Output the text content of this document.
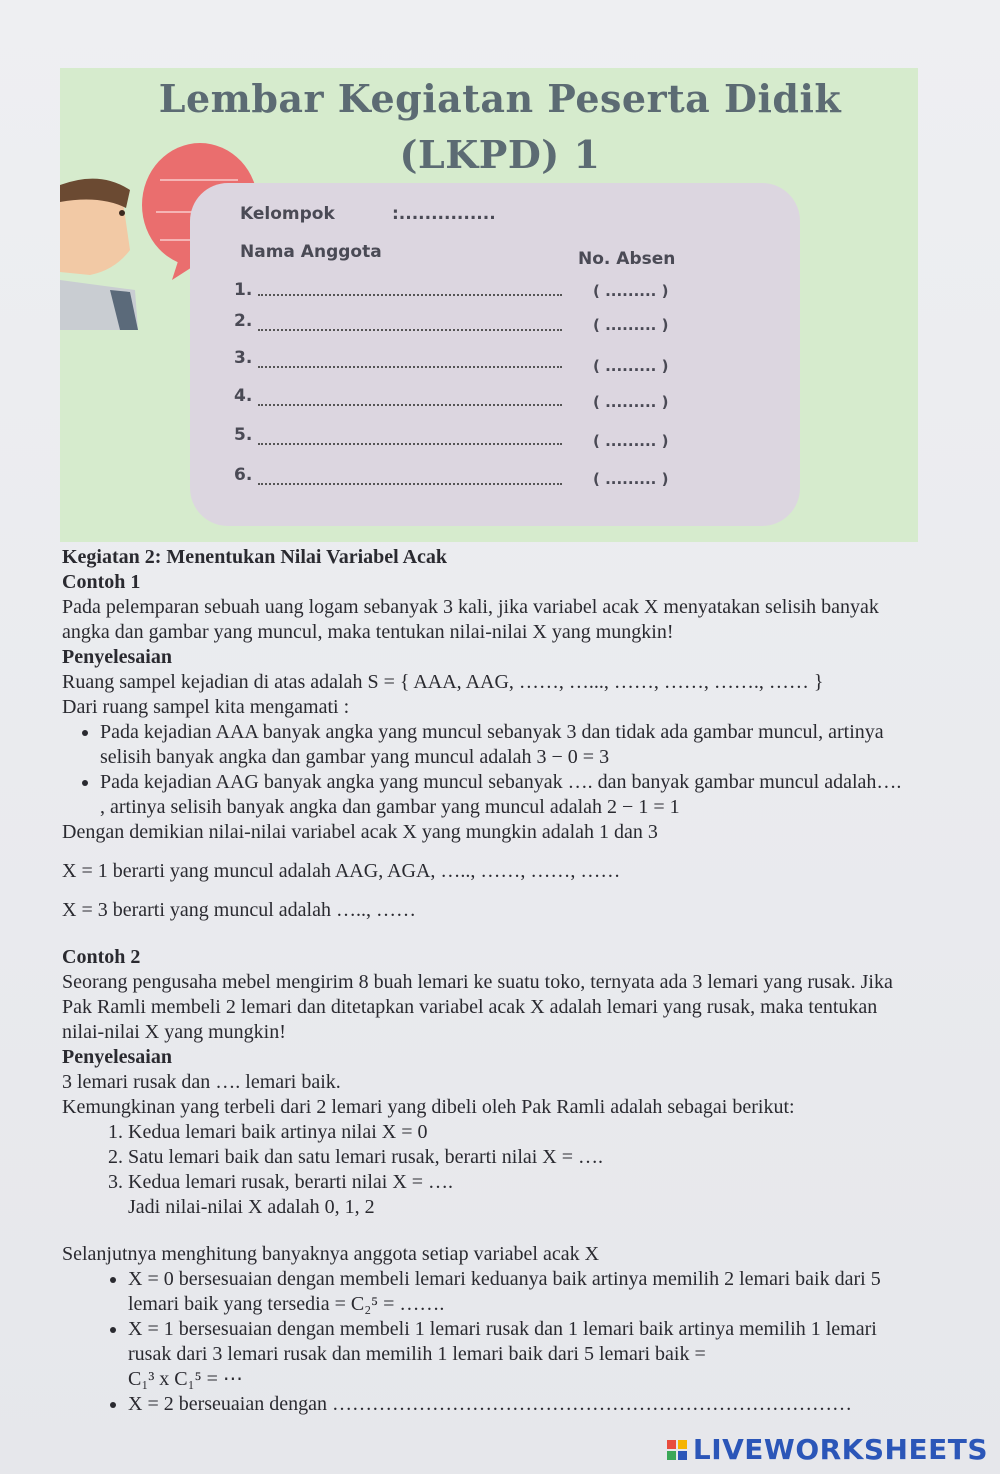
Lembar Kegiatan Peserta Didik
(LKPD) 1
Kelompok	:...............
Nama Anggota	No. Absen
1.	( ......... )
2.	( ......... )
3.	( ......... )
4.	( ......... )
5.	( ......... )
6.	( ......... )

Kegiatan 2: Menentukan Nilai Variabel Acak

Contoh 1

Pada pelemparan sebuah uang logam sebanyak 3 kali, jika variabel acak X menyatakan selisih banyak angka dan gambar yang muncul, maka tentukan nilai-nilai X yang mungkin!

Penyelesaian

Ruang sampel kejadian di atas adalah S = { AAA, AAG, ……, …..., ……, ……, ……., …… }

Dari ruang sampel kita mengamati :

• Pada kejadian AAA banyak angka yang muncul sebanyak 3 dan tidak ada gambar muncul, artinya selisih banyak angka dan gambar yang muncul adalah 3 − 0 = 3
• Pada kejadian AAG banyak angka yang muncul sebanyak …. dan banyak gambar muncul adalah…. , artinya selisih banyak angka dan gambar yang muncul adalah 2 − 1 = 1

Dengan demikian nilai-nilai variabel acak X yang mungkin adalah 1 dan 3

X = 1 berarti yang muncul adalah AAG, AGA, ….., ……, ……, ……

X = 3 berarti yang muncul adalah ….., ……

Contoh 2

Seorang pengusaha mebel mengirim 8 buah lemari ke suatu toko, ternyata ada 3 lemari yang rusak. Jika Pak Ramli membeli 2 lemari dan ditetapkan variabel acak X adalah lemari yang rusak, maka tentukan nilai-nilai X yang mungkin!

Penyelesaian

3 lemari rusak dan …. lemari baik.

Kemungkinan yang terbeli dari 2 lemari yang dibeli oleh Pak Ramli adalah sebagai berikut:

1. Kedua lemari baik artinya nilai X = 0
2. Satu lemari baik dan satu lemari rusak, berarti nilai X = ….
3. Kedua lemari rusak, berarti nilai X = ….

Jadi nilai-nilai X adalah 0, 1, 2

Selanjutnya menghitung banyaknya anggota setiap variabel acak X

• X = 0 bersesuaian dengan membeli lemari keduanya baik artinya memilih 2 lemari baik dari 5 lemari baik yang tersedia = C₂⁵ = …….
• X = 1 bersesuaian dengan membeli 1 lemari rusak dan 1 lemari baik artinya memilih 1 lemari rusak dari 3 lemari rusak dan memilih 1 lemari baik dari 5 lemari baik =
C₁³ x C₁⁵ = ⋯
• X = 2 berseuaian dengan ……………………………………………………………………
LIVEWORKSHEETS
